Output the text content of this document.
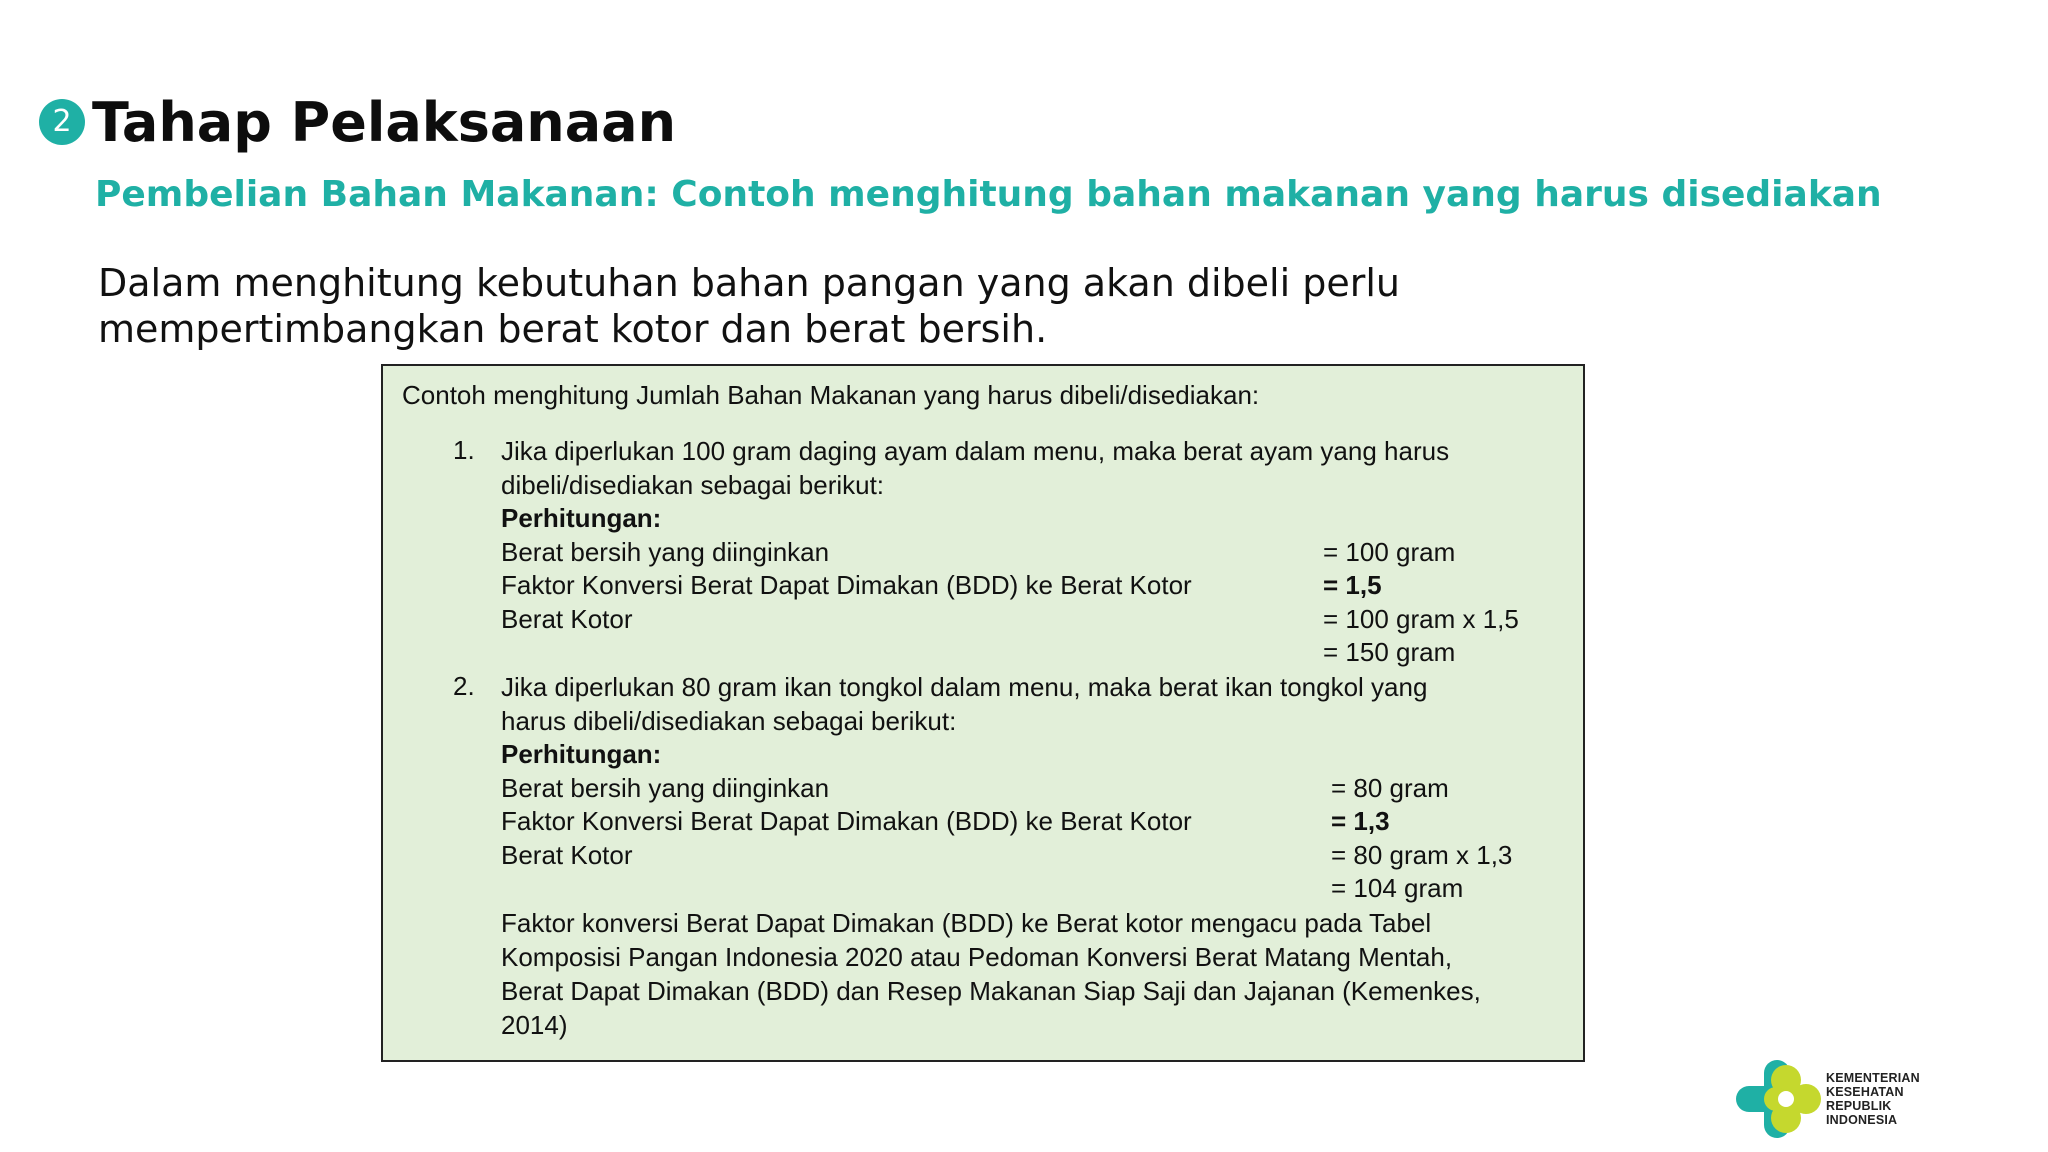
2 Tahap Pelaksanaan
Pembelian Bahan Makanan: Contoh menghitung bahan makanan yang harus disediakan

Dalam menghitung kebutuhan bahan pangan yang akan dibeli perlu
mempertimbangkan berat kotor dan berat bersih.

Contoh menghitung Jumlah Bahan Makanan yang harus dibeli/disediakan:
1. Jika diperlukan 100 gram daging ayam dalam menu, maka berat ayam yang harus
dibeli/disediakan sebagai berikut:
Perhitungan:
Berat bersih yang diinginkan	= 100 gram
Faktor Konversi Berat Dapat Dimakan (BDD) ke Berat Kotor	= 1,5
Berat Kotor	= 100 gram x 1,5
= 150 gram
2. Jika diperlukan 80 gram ikan tongkol dalam menu, maka berat ikan tongkol yang
harus dibeli/disediakan sebagai berikut:
Perhitungan:
Berat bersih yang diinginkan	= 80 gram
Faktor Konversi Berat Dapat Dimakan (BDD) ke Berat Kotor	= 1,3
Berat Kotor	= 80 gram x 1,3
= 104 gram
Faktor konversi Berat Dapat Dimakan (BDD) ke Berat kotor mengacu pada Tabel
Komposisi Pangan Indonesia 2020 atau Pedoman Konversi Berat Matang Mentah,
Berat Dapat Dimakan (BDD) dan Resep Makanan Siap Saji dan Jajanan (Kemenkes,
2014)
KEMENTERIAN
KESEHATAN
REPUBLIK
INDONESIA
